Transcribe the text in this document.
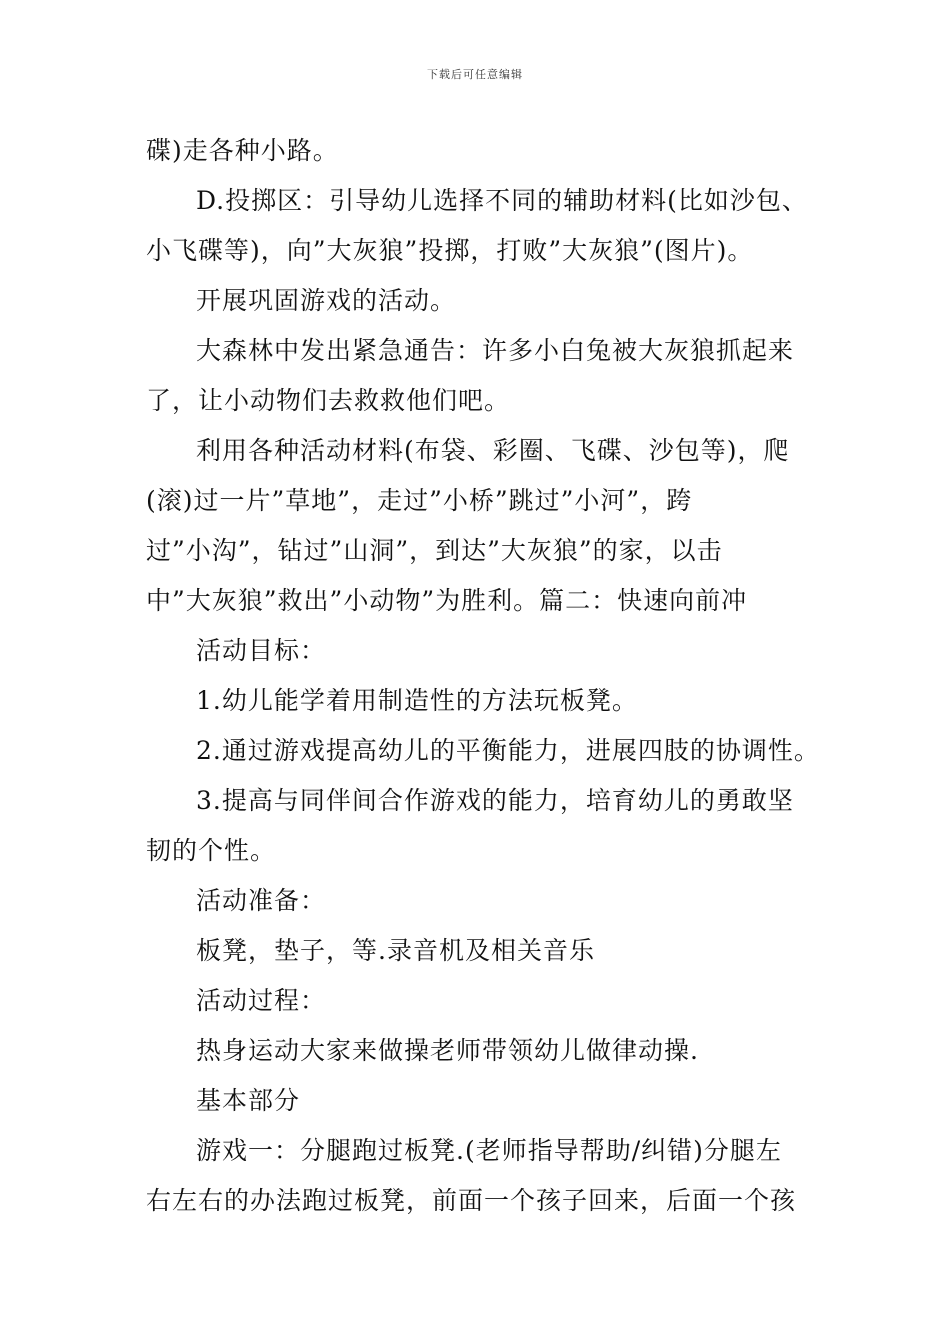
下载后可任意编辑
碟)走各种小路。
D.投掷区：引导幼儿选择不同的辅助材料(比如沙包、
小飞碟等)，向”大灰狼”投掷，打败”大灰狼”(图片)。
开展巩固游戏的活动。
大森林中发出紧急通告：许多小白兔被大灰狼抓起来
了，让小动物们去救救他们吧。
利用各种活动材料(布袋、彩圈、飞碟、沙包等)，爬
(滚)过一片”草地”，走过”小桥”跳过”小河”，跨
过”小沟”，钻过”山洞”，到达”大灰狼”的家，以击
中”大灰狼”救出”小动物”为胜利。篇二：快速向前冲
活动目标：
1.幼儿能学着用制造性的方法玩板凳。
2.通过游戏提高幼儿的平衡能力，进展四肢的协调性。
3.提高与同伴间合作游戏的能力，培育幼儿的勇敢坚
韧的个性。
活动准备：
板凳，垫子，等.录音机及相关音乐
活动过程：
热身运动大家来做操老师带领幼儿做律动操.
基本部分
游戏一：分腿跑过板凳.(老师指导帮助/纠错)分腿左
右左右的办法跑过板凳，前面一个孩子回来，后面一个孩
